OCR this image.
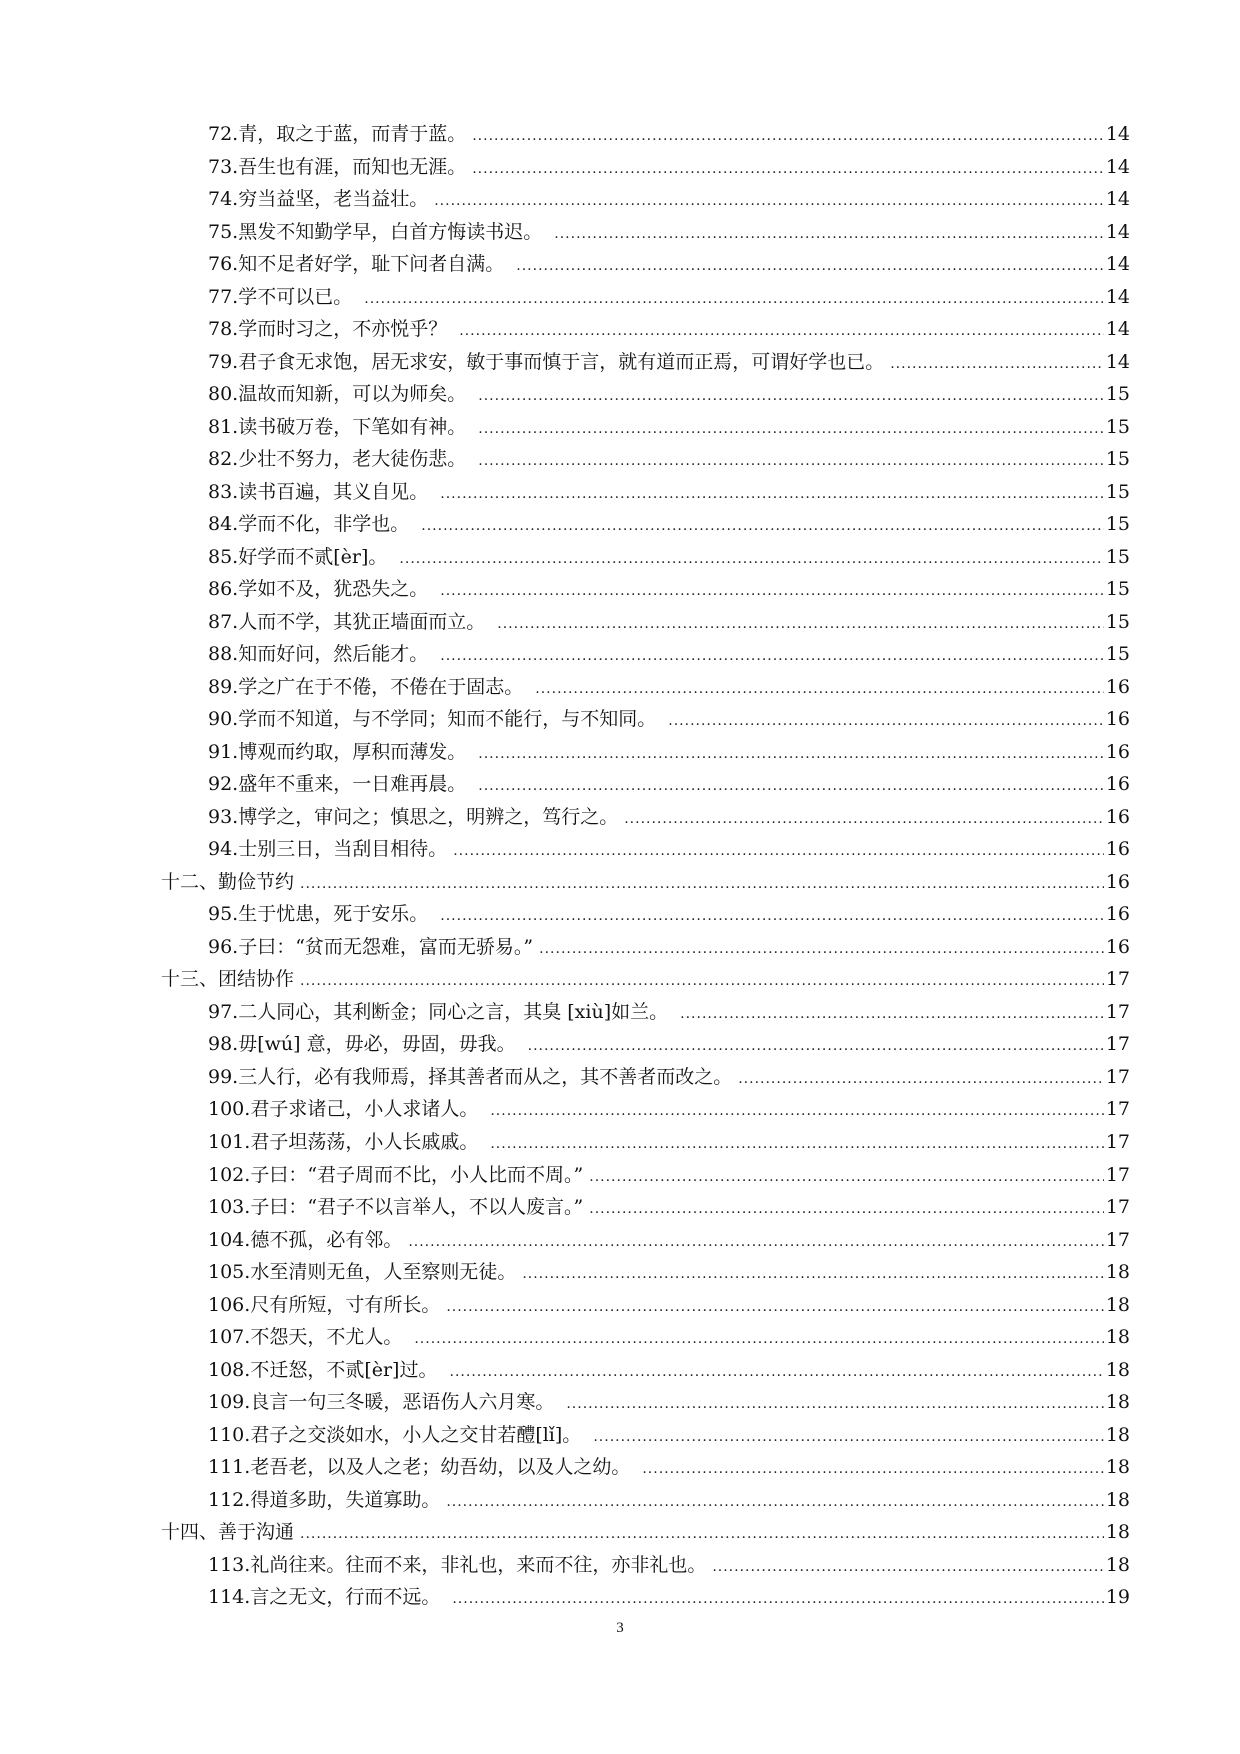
72. 青，取之于蓝，而青于蓝。 .....	14
73. 吾生也有涯，而知也无涯。 .....	14
74. 穷当益坚，老当益壮。 .....	14
75. 黑发不知勤学早，白首方悔读书迟。 .....	14
76. 知不足者好学，耻下问者自满。 .....	14
77. 学不可以已。 .....	14
78. 学而时习之，不亦悦乎？ .....	14
79. 君子食无求饱，居无求安，敏于事而慎于言，就有道而正焉，可谓好学也已。 .....	14
80. 温故而知新，可以为师矣。 .....	15
81. 读书破万卷，下笔如有神。 .....	15
82. 少壮不努力，老大徒伤悲。 .....	15
83. 读书百遍，其义自见。 .....	15
84. 学而不化，非学也。 .....	15
85. 好学而不贰[èr]。 .....	15
86. 学如不及，犹恐失之。 .....	15
87. 人而不学，其犹正墙面而立。 .....	15
88. 知而好问，然后能才。 .....	15
89. 学之广在于不倦，不倦在于固志。 .....	16
90. 学而不知道，与不学同；知而不能行，与不知同。 .....	16
91. 博观而约取，厚积而薄发。 .....	16
92. 盛年不重来，一日难再晨。 .....	16
93. 博学之，审问之；慎思之，明辨之，笃行之。 .....	16
94. 士别三日，当刮目相待。 .....	16
十二、 勤俭节约 .....	16
95. 生于忧患，死于安乐。 .....	16
96. 子曰：“贫而无怨难，富而无骄易。” .....	16
十三、 团结协作 .....	17
97. 二人同心，其利断金；同心之言，其臭 [xiù]如兰。 .....	17
98. 毋[wú] 意，毋必，毋固，毋我。 .....	17
99. 三人行，必有我师焉，择其善者而从之，其不善者而改之。 .....	17
100. 君子求诸己，小人求诸人。 .....	17
101. 君子坦荡荡，小人长戚戚。 .....	17
102. 子曰：“君子周而不比，小人比而不周。” .....	17
103. 子曰：“君子不以言举人，不以人废言。” .....	17
104. 德不孤，必有邻。 .....	17
105. 水至清则无鱼，人至察则无徒。 .....	18
106. 尺有所短，寸有所长。 .....	18
107. 不怨天，不尤人。 .....	18
108. 不迁怒，不贰[èr]过。 .....	18
109. 良言一句三冬暖，恶语伤人六月寒。 .....	18
110. 君子之交淡如水，小人之交甘若醴[lǐ]。 .....	18
111. 老吾老，以及人之老；幼吾幼，以及人之幼。 .....	18
112. 得道多助，失道寡助。 .....	18
十四、 善于沟通 .....	18
113. 礼尚往来。往而不来，非礼也，来而不往，亦非礼也。 .....	18
114. 言之无文，行而不远。 .....	19
3
